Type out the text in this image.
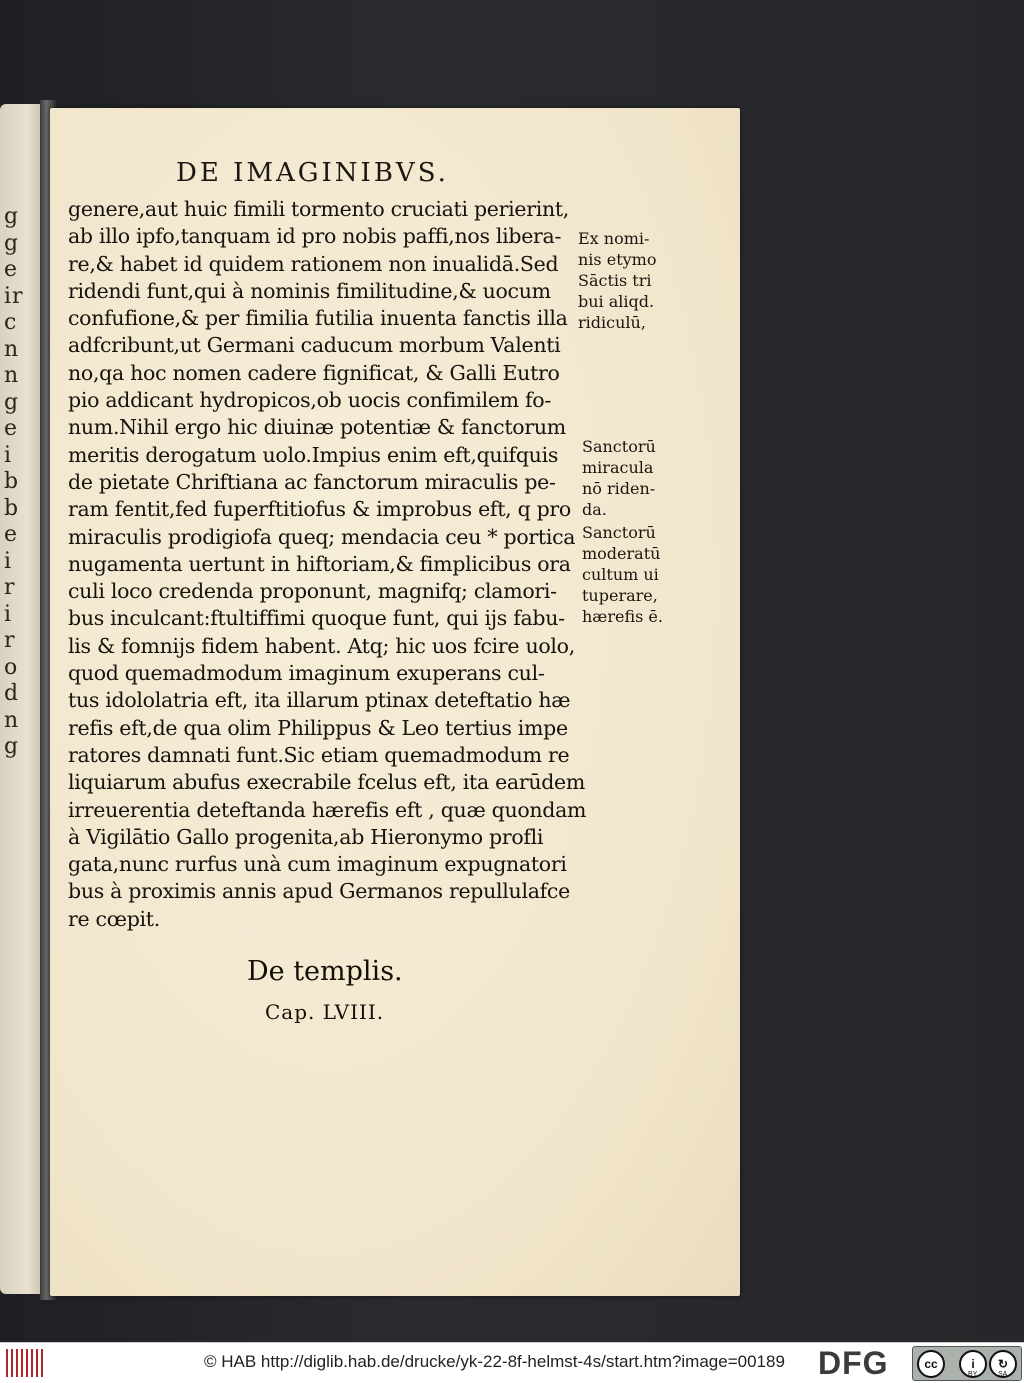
g
g
e
ir
c
n
n
g
e
i
b
b
e
i
r
i
r
o
d
n
g
DE IMAGINIBVS.
genere,aut huic fimili tormento cruciati perierint,
ab illo ipfo,tanquam id pro nobis paffi,nos libera-
re,& habet id quidem rationem non inualidā.Sed
ridendi funt,qui à nominis fimilitudine,& uocum
confufione,& per fimilia futilia inuenta fanctis illa
adfcribunt,ut Germani caducum morbum Valenti
no,qa hoc nomen cadere fignificat, & Galli Eutro
pio addicant hydropicos,ob uocis confimilem fo-
num.Nihil ergo hic diuinæ potentiæ & fanctorum
meritis derogatum uolo.Impius enim eft,quifquis
de pietate Chriftiana ac fanctorum miraculis pe-
ram fentit,fed fuperftitiofus & improbus eft, q pro
miraculis prodigiofa queq; mendacia ceu * portica
nugamenta uertunt in hiftoriam,& fimplicibus ora
culi loco credenda proponunt, magnifq; clamori-
bus inculcant:ftultiffimi quoque funt, qui ijs fabu-
lis & fomnijs fidem habent. Atq; hic uos fcire uolo,
quod quemadmodum imaginum exuperans cul-
tus idololatria eft, ita illarum ptinax deteftatio hæ
refis eft,de qua olim Philippus & Leo tertius impe
ratores damnati funt.Sic etiam quemadmodum re
liquiarum abufus execrabile fcelus eft, ita earūdem
irreuerentia deteftanda hærefis eft , quæ quondam
à Vigilātio Gallo progenita,ab Hieronymo profli
gata,nunc rurfus unà cum imaginum expugnatori
bus à proximis annis apud Germanos repullulafce
re cœpit.
Ex nomi-
nis etymo
Sāctis tri
bui aliqd.
ridiculū,
Sanctorū
miracula
nō riden-
da.
Sanctorū
moderatū
cultum ui
tuperare,
hærefis ē.
De templis.
Cap. LVIII.
© HAB http://diglib.hab.de/drucke/yk-22-8f-helmst-4s/start.htm?image=00189 DFG	cc	i	↻
BY	SA
